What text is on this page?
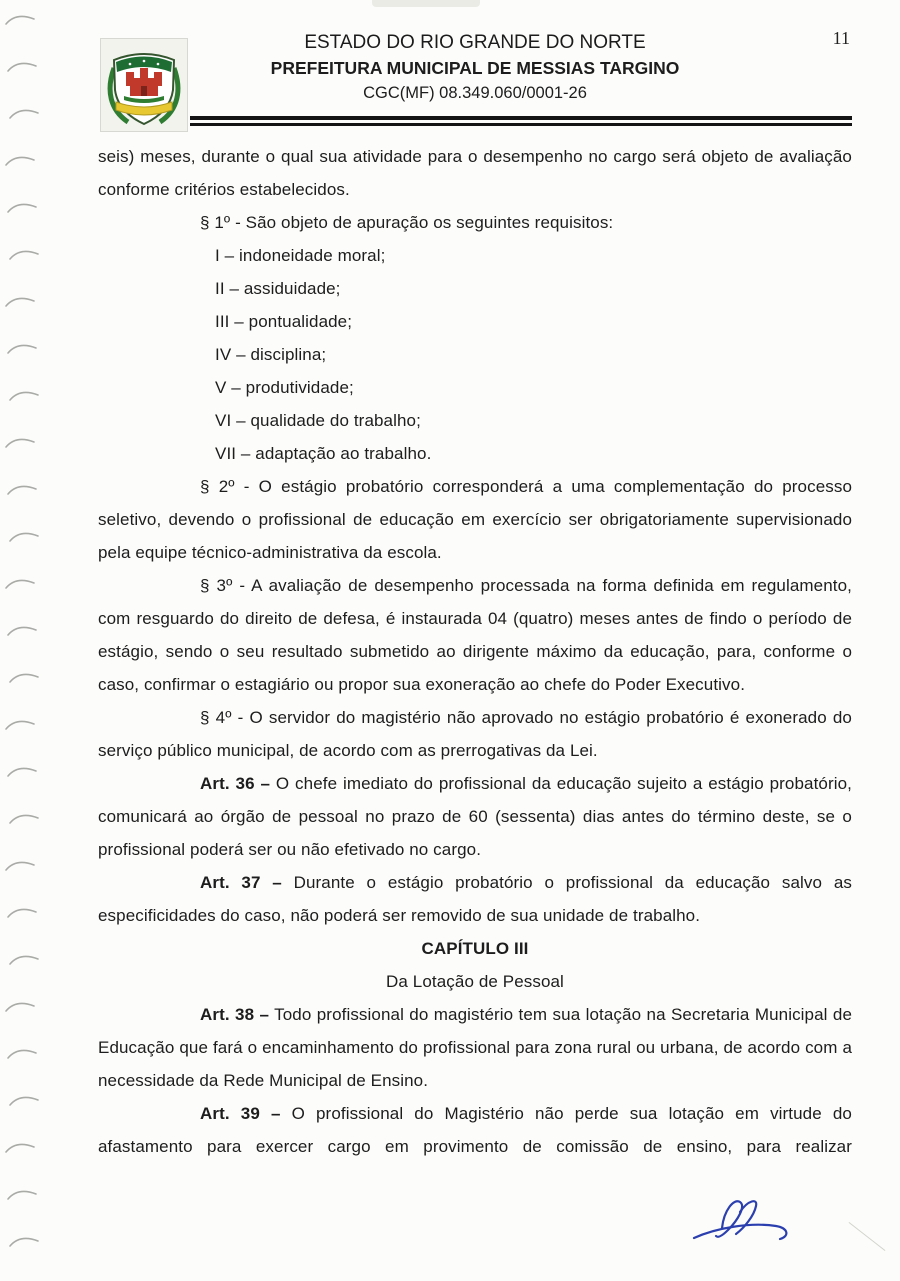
11
ESTADO DO RIO GRANDE DO NORTE
PREFEITURA MUNICIPAL DE MESSIAS TARGINO
CGC(MF) 08.349.060/0001-26

seis) meses, durante o qual sua atividade para o desempenho no cargo será objeto de avaliação conforme critérios estabelecidos.

§ 1º - São objeto de apuração os seguintes requisitos:

I – indoneidade moral;

II – assiduidade;

III – pontualidade;

IV – disciplina;

V – produtividade;

VI – qualidade do trabalho;

VII – adaptação ao trabalho.

§ 2º - O estágio probatório corresponderá a uma complementação do processo seletivo, devendo o profissional de educação em exercício ser obrigatoriamente supervisionado pela equipe técnico-administrativa da escola.

§ 3º - A avaliação de desempenho processada na forma definida em regulamento, com resguardo do direito de defesa, é instaurada 04 (quatro) meses antes de findo o período de estágio, sendo o seu resultado submetido ao dirigente máximo da educação, para, conforme o caso, confirmar o estagiário ou propor sua exoneração ao chefe do Poder Executivo.

§ 4º - O servidor do magistério não aprovado no estágio probatório é exonerado do serviço público municipal, de acordo com as prerrogativas da Lei.

Art. 36 – O chefe imediato do profissional da educação sujeito a estágio probatório, comunicará ao órgão de pessoal no prazo de 60 (sessenta) dias antes do término deste, se o profissional poderá ser ou não efetivado no cargo.

Art. 37 – Durante o estágio probatório o profissional da educação salvo as especificidades do caso, não poderá ser removido de sua unidade de trabalho.

CAPÍTULO III

Da Lotação de Pessoal

Art. 38 – Todo profissional do magistério tem sua lotação na Secretaria Municipal de Educação que fará o encaminhamento do profissional para zona rural ou urbana, de acordo com a necessidade da Rede Municipal de Ensino.

Art. 39 – O profissional do Magistério não perde sua lotação em virtude do afastamento para exercer cargo em provimento de comissão de ensino, para realizar
